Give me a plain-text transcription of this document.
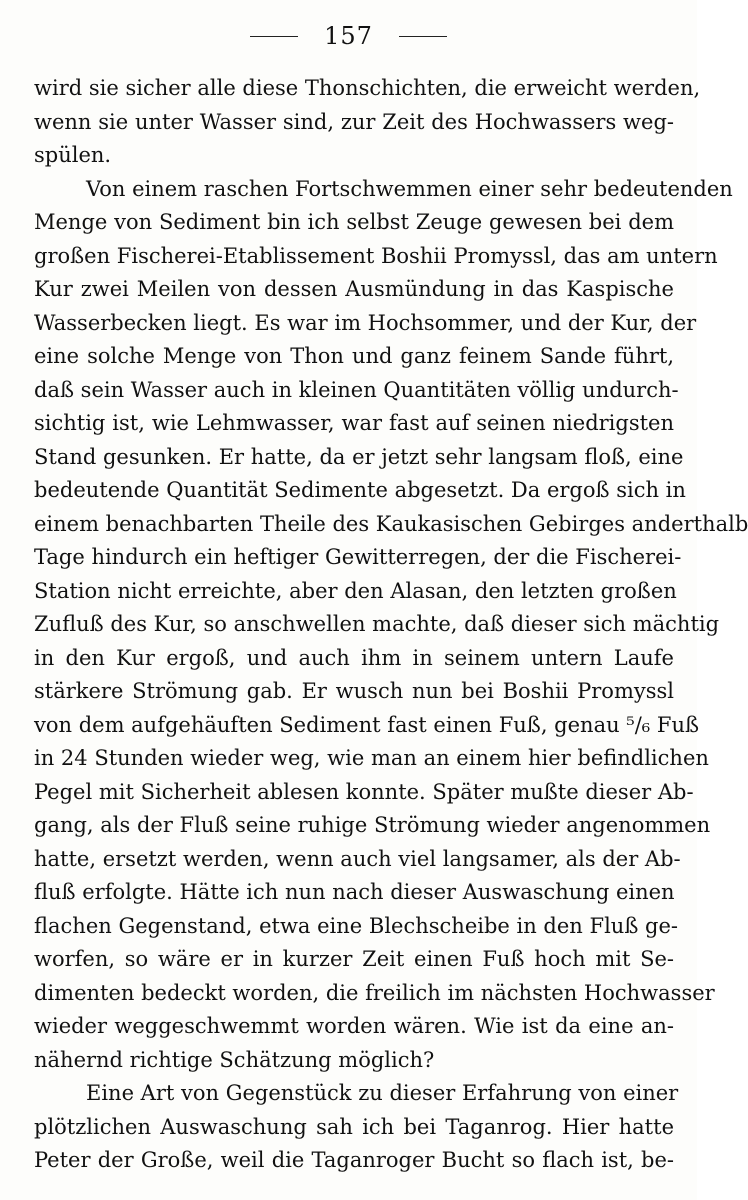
157
wird sie sicher alle diese Thonschichten, die erweicht werden,
wenn sie unter Wasser sind, zur Zeit des Hochwassers weg-
spülen.
Von einem raschen Fortschwemmen einer sehr bedeutenden
Menge von Sediment bin ich selbst Zeuge gewesen bei dem
großen Fischerei-Etablissement Boshii Promyssl, das am untern
Kur zwei Meilen von dessen Ausmündung in das Kaspische
Wasserbecken liegt. Es war im Hochsommer, und der Kur, der
eine solche Menge von Thon und ganz feinem Sande führt,
daß sein Wasser auch in kleinen Quantitäten völlig undurch-
sichtig ist, wie Lehmwasser, war fast auf seinen niedrigsten
Stand gesunken. Er hatte, da er jetzt sehr langsam floß, eine
bedeutende Quantität Sedimente abgesetzt. Da ergoß sich in
einem benachbarten Theile des Kaukasischen Gebirges anderthalb
Tage hindurch ein heftiger Gewitterregen, der die Fischerei-
Station nicht erreichte, aber den Alasan, den letzten großen
Zufluß des Kur, so anschwellen machte, daß dieser sich mächtig
in den Kur ergoß, und auch ihm in seinem untern Laufe
stärkere Strömung gab. Er wusch nun bei Boshii Promyssl
von dem aufgehäuften Sediment fast einen Fuß, genau ⁵/₆ Fuß
in 24 Stunden wieder weg, wie man an einem hier befindlichen
Pegel mit Sicherheit ablesen konnte. Später mußte dieser Ab-
gang, als der Fluß seine ruhige Strömung wieder angenommen
hatte, ersetzt werden, wenn auch viel langsamer, als der Ab-
fluß erfolgte. Hätte ich nun nach dieser Auswaschung einen
flachen Gegenstand, etwa eine Blechscheibe in den Fluß ge-
worfen, so wäre er in kurzer Zeit einen Fuß hoch mit Se-
dimenten bedeckt worden, die freilich im nächsten Hochwasser
wieder weggeschwemmt worden wären. Wie ist da eine an-
nähernd richtige Schätzung möglich?
Eine Art von Gegenstück zu dieser Erfahrung von einer
plötzlichen Auswaschung sah ich bei Taganrog. Hier hatte
Peter der Große, weil die Taganroger Bucht so flach ist, be-
